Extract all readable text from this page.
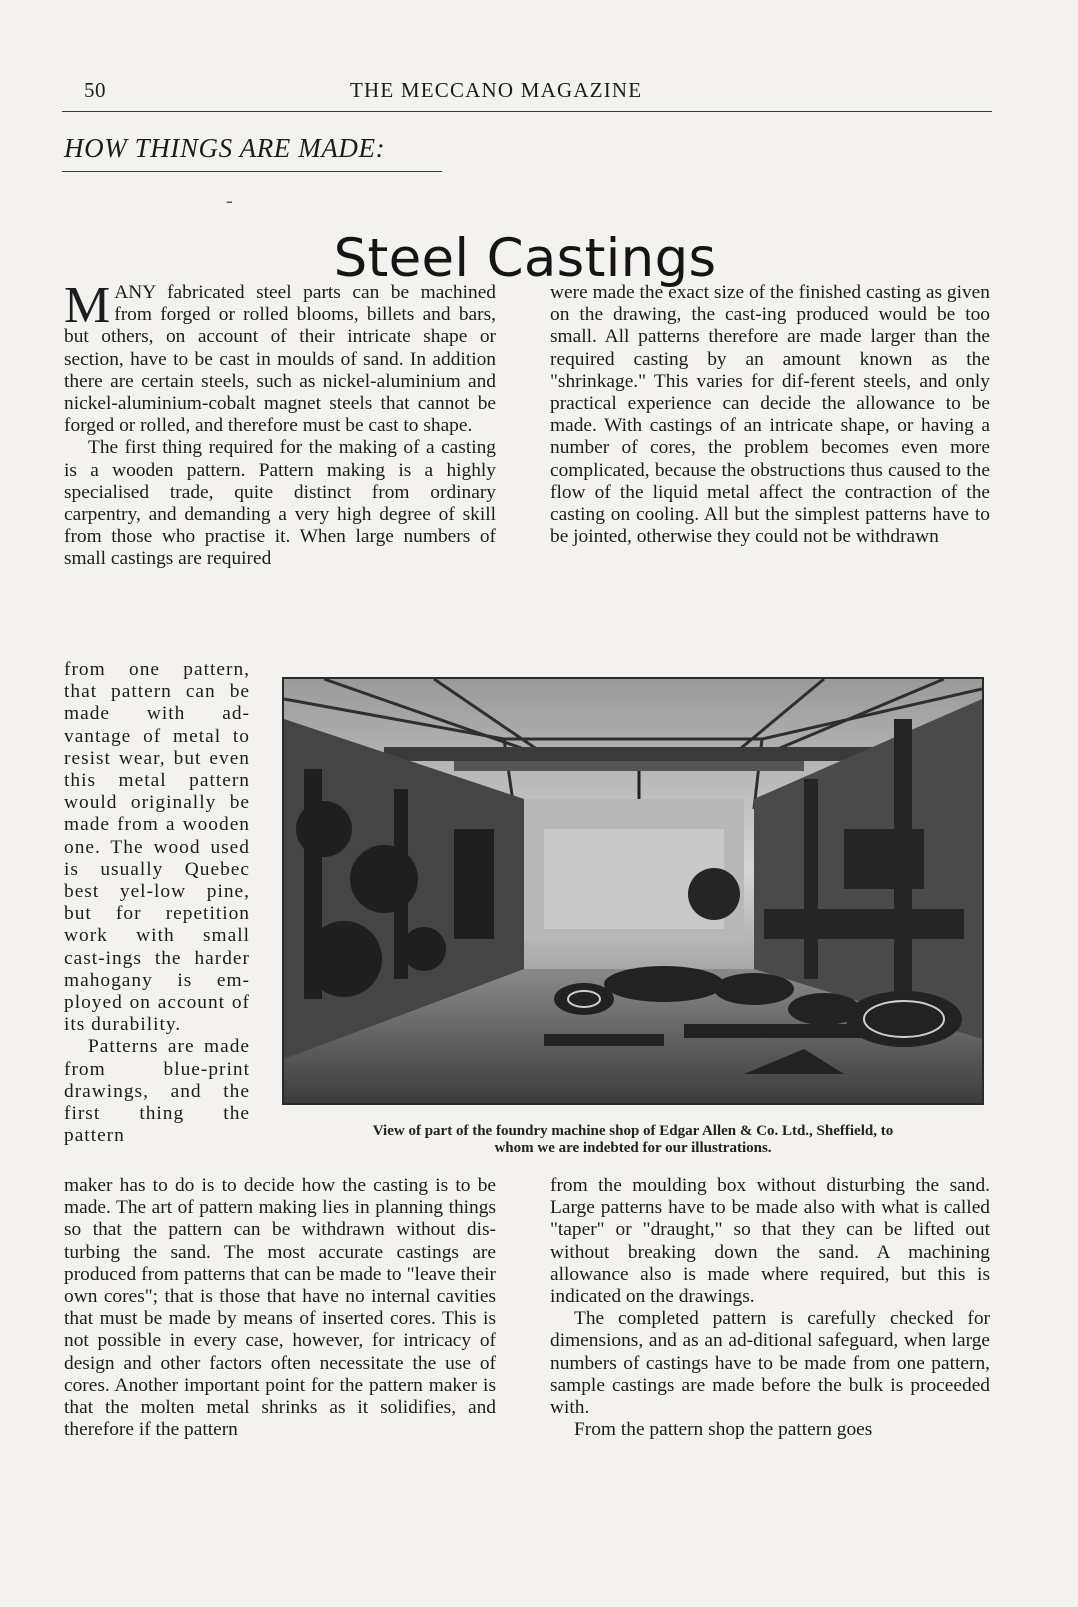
50	THE MECCANO MAGAZINE
HOW THINGS ARE MADE:
-
Steel Castings

MANY fabricated steel parts can be machined from forged or rolled blooms, billets and bars, but others, on account of their intricate shape or section, have to be cast in moulds of sand. In addition there are certain steels, such as nickel-aluminium and nickel-aluminium-cobalt magnet steels that cannot be forged or rolled, and therefore must be cast to shape.

The first thing required for the making of a casting is a wooden pattern. Pattern making is a highly specialised trade, quite distinct from ordinary carpentry, and demanding a very high degree of skill from those who practise it. When large numbers of small castings are required

were made the exact size of the finished casting as given on the drawing, the cast-ing produced would be too small. All patterns therefore are made larger than the required casting by an amount known as the "shrinkage." This varies for dif-ferent steels, and only practical experience can decide the allowance to be made. With castings of an intricate shape, or having a number of cores, the problem becomes even more complicated, because the obstructions thus caused to the flow of the liquid metal affect the contraction of the casting on cooling. All but the simplest patterns have to be jointed, otherwise they could not be withdrawn

from one pattern, that pattern can be made with ad-vantage of metal to resist wear, but even this metal pattern would originally be made from a wooden one. The wood used is usually Quebec best yel-low pine, but for repetition work with small cast-ings the harder mahogany is em-ployed on account of its durability.

Patterns are made from blue-print drawings, and the first thing the pattern	View of part of the foundry machine shop of Edgar Allen & Co. Ltd., Sheffield, to
whom we are indebted for our illustrations.

maker has to do is to decide how the casting is to be made. The art of pattern making lies in planning things so that the pattern can be withdrawn without dis-turbing the sand. The most accurate castings are produced from patterns that can be made to "leave their own cores"; that is those that have no internal cavities that must be made by means of inserted cores. This is not possible in every case, however, for intricacy of design and other factors often necessitate the use of cores. Another important point for the pattern maker is that the molten metal shrinks as it solidifies, and therefore if the pattern

from the moulding box without disturbing the sand. Large patterns have to be made also with what is called "taper" or "draught," so that they can be lifted out without breaking down the sand. A machining allowance also is made where required, but this is indicated on the drawings.

The completed pattern is carefully checked for dimensions, and as an ad-ditional safeguard, when large numbers of castings have to be made from one pattern, sample castings are made before the bulk is proceeded with.

From the pattern shop the pattern goes
